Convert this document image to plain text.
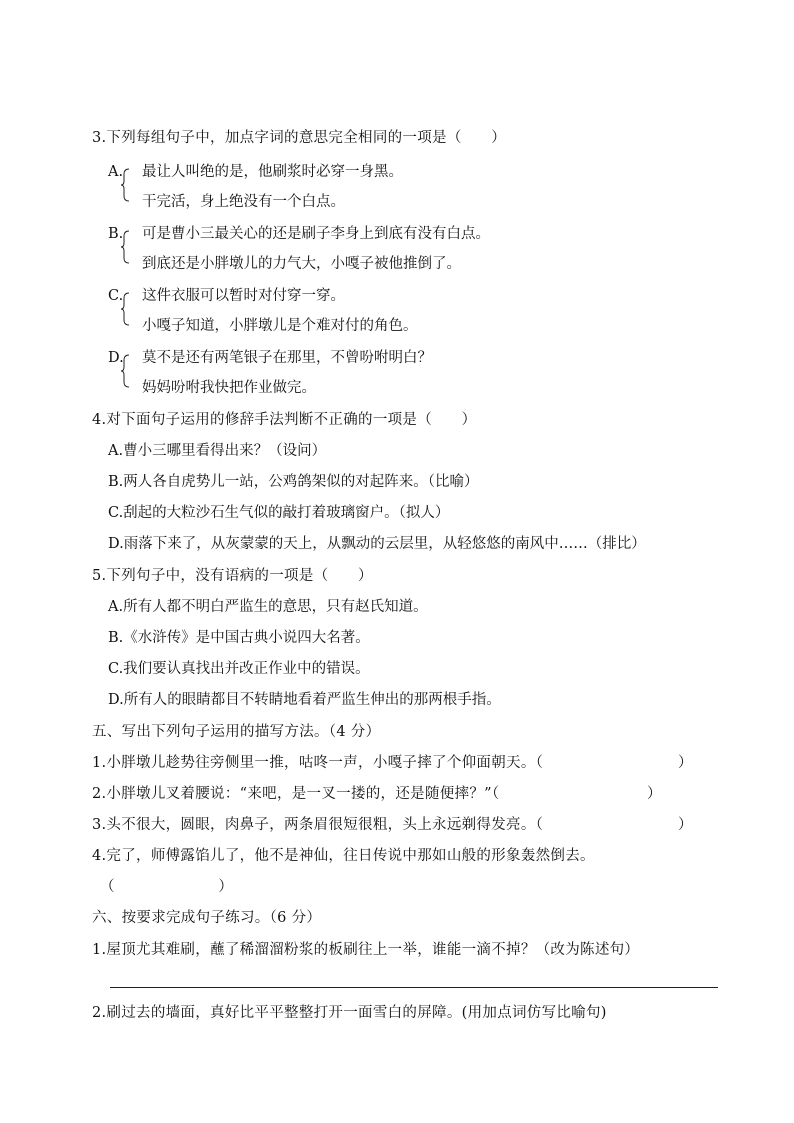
3.下列每组句子中，加点字词的意思完全相同的一项是（　　）
A. 最让人叫绝的是，他刷浆时必穿一身黑。
干完活，身上绝没有一个白点。
B. 可是曹小三最关心的还是刷子李身上到底有没有白点。
到底还是小胖墩儿的力气大，小嘎子被他推倒了。
C. 这件衣服可以暂时对付穿一穿。
小嘎子知道，小胖墩儿是个难对付的角色。
D. 莫不是还有两笔银子在那里，不曾吩咐明白？
妈妈吩咐我快把作业做完。
4.对下面句子运用的修辞手法判断不正确的一项是（　　）
A.曹小三哪里看得出来？（设问）
B.两人各自虎势儿一站，公鸡鸽架似的对起阵来。（比喻）
C.刮起的大粒沙石生气似的敲打着玻璃窗户。（拟人）
D.雨落下来了，从灰蒙蒙的天上，从飘动的云层里，从轻悠悠的南风中……（排比）
5.下列句子中，没有语病的一项是（　　）
A.所有人都不明白严监生的意思，只有赵氏知道。
B.《水浒传》是中国古典小说四大名著。
C.我们要认真找出并改正作业中的错误。
D.所有人的眼睛都目不转睛地看着严监生伸出的那两根手指。
五、写出下列句子运用的描写方法。（4 分）
1.小胖墩儿趁势往旁侧里一推，咕咚一声，小嘎子摔了个仰面朝天。（	）
2.小胖墩儿叉着腰说：“来吧，是一叉一搂的，还是随便摔？”（	）
3.头不很大，圆眼，肉鼻子，两条眉很短很粗，头上永远剃得发亮。（	）
4.完了，师傅露馅儿了，他不是神仙，往日传说中那如山般的形象轰然倒去。
（　　　　　　　）
六、按要求完成句子练习。（6 分）
1.屋顶尤其难刷，蘸了稀溜溜粉浆的板刷往上一举，谁能一滴不掉？（改为陈述句）
2.刷过去的墙面，真好比平平整整打开一面雪白的屏障。(用加点词仿写比喻句)
